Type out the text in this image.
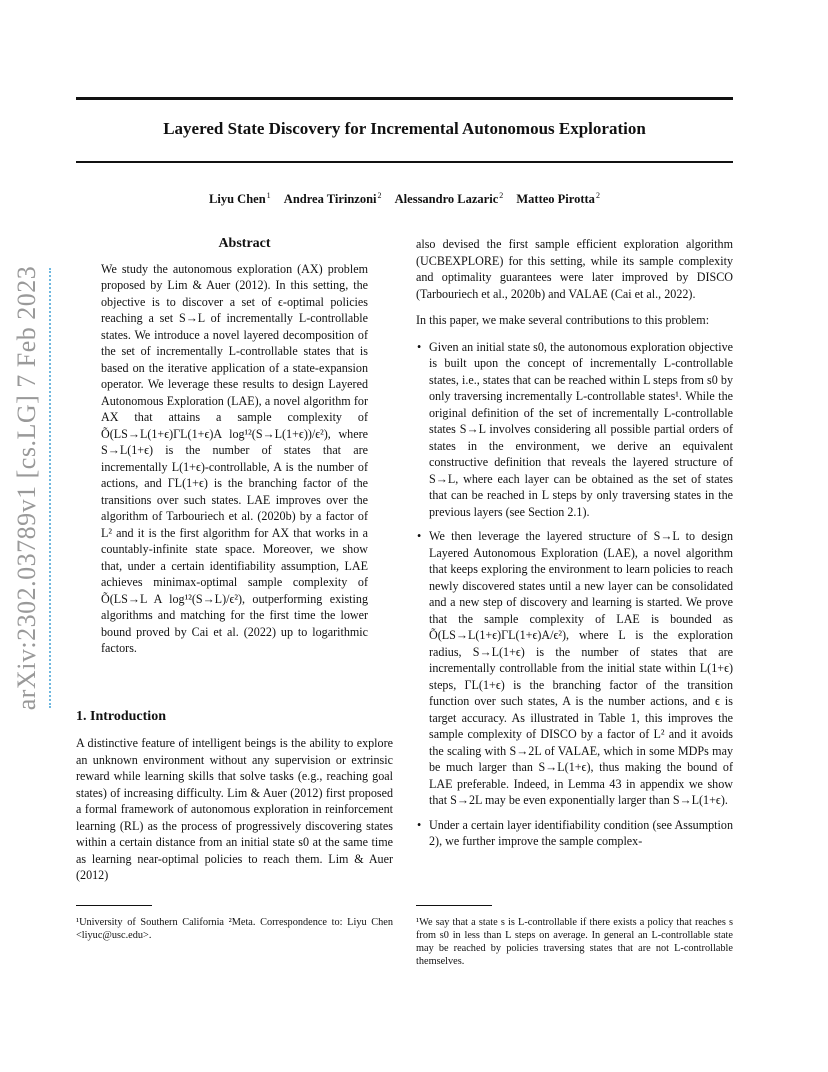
arXiv:2302.03789v1 [cs.LG] 7 Feb 2023
Layered State Discovery for Incremental Autonomous Exploration
Liyu Chen$^1$ Andrea Tirinzoni$^2$ Alessandro Lazaric$^2$ Matteo Pirotta$^2$
Abstract

We study the autonomous exploration (AX) problem proposed by Lim & Auer (2012). In this setting, the objective is to discover a set of ϵ-optimal policies reaching a set S→L of incrementally L-controllable states. We introduce a novel layered decomposition of the set of incrementally L-controllable states that is based on the iterative application of a state-expansion operator. We leverage these results to design Layered Autonomous Exploration (LAE), a novel algorithm for AX that attains a sample complexity of Õ(LS→L(1+ϵ)ΓL(1+ϵ)A log¹²(S→L(1+ϵ))/ϵ²), where S→L(1+ϵ) is the number of states that are incrementally L(1+ϵ)-controllable, A is the number of actions, and ΓL(1+ϵ) is the branching factor of the transitions over such states. LAE improves over the algorithm of Tarbouriech et al. (2020b) by a factor of L² and it is the first algorithm for AX that works in a countably-infinite state space. Moreover, we show that, under a certain identifiability assumption, LAE achieves minimax-optimal sample complexity of Õ(LS→L A log¹²(S→L)/ϵ²), outperforming existing algorithms and matching for the first time the lower bound proved by Cai et al. (2022) up to logarithmic factors.

1. Introduction

A distinctive feature of intelligent beings is the ability to explore an unknown environment without any supervision or extrinsic reward while learning skills that solve tasks (e.g., reaching goal states) of increasing difficulty. Lim & Auer (2012) first proposed a formal framework of autonomous exploration in reinforcement learning (RL) as the process of progressively discovering states within a certain distance from an initial state s0 at the same time as learning near-optimal policies to reach them. Lim & Auer (2012)

also devised the first sample efficient exploration algorithm (UCBEXPLORE) for this setting, while its sample complexity and optimality guarantees were later improved by DISCO (Tarbouriech et al., 2020b) and VALAE (Cai et al., 2022).

In this paper, we make several contributions to this problem:

• Given an initial state s0, the autonomous exploration objective is built upon the concept of incrementally L-controllable states, i.e., states that can be reached within L steps from s0 by only traversing incrementally L-controllable states¹. While the original definition of the set of incrementally L-controllable states S→L involves considering all possible partial orders of states in the environment, we derive an equivalent constructive definition that reveals the layered structure of S→L, where each layer can be obtained as the set of states that can be reached in L steps by only traversing states in the previous layers (see Section 2.1).
• We then leverage the layered structure of S→L to design Layered Autonomous Exploration (LAE), a novel algorithm that keeps exploring the environment to learn policies to reach newly discovered states until a new layer can be consolidated and a new step of discovery and learning is started. We prove that the sample complexity of LAE is bounded as Õ(LS→L(1+ϵ)ΓL(1+ϵ)A/ϵ²), where L is the exploration radius, S→L(1+ϵ) is the number of states that are incrementally controllable from the initial state within L(1+ϵ) steps, ΓL(1+ϵ) is the branching factor of the transition function over such states, A is the number actions, and ϵ is target accuracy. As illustrated in Table 1, this improves the sample complexity of DISCO by a factor of L² and it avoids the scaling with S→2L of VALAE, which in some MDPs may be much larger than S→L(1+ϵ), thus making the bound of LAE preferable. Indeed, in Lemma 43 in appendix we show that S→2L may be even exponentially larger than S→L(1+ϵ).
• Under a certain layer identifiability condition (see Assumption 2), we further improve the sample complex-
¹University of Southern California ²Meta. Correspondence to: Liyu Chen <liyuc@usc.edu>.
¹We say that a state s is L-controllable if there exists a policy that reaches s from s0 in less than L steps on average. In general an L-controllable state may be reached by policies traversing states that are not L-controllable themselves.
